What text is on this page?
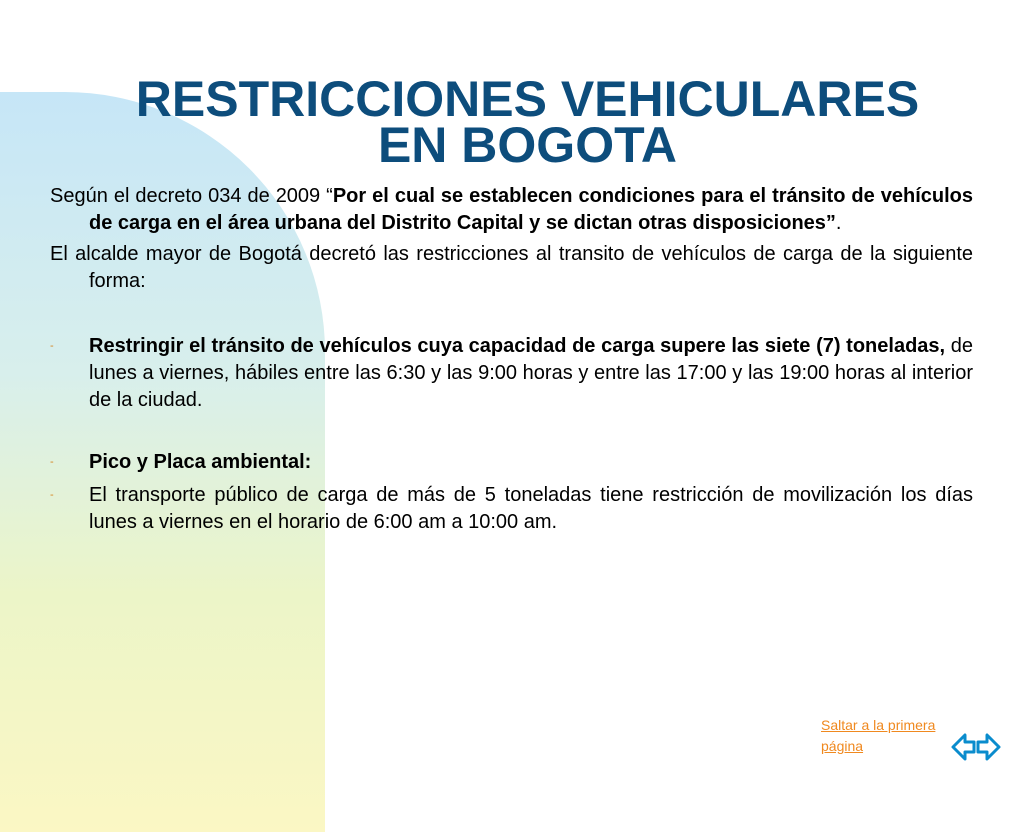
RESTRICCIONES VEHICULARES
EN BOGOTA

Según el decreto 034 de 2009 “Por el cual se establecen condiciones para el tránsito de vehículos de carga en el área urbana del Distrito Capital y se dictan otras disposiciones”.

El alcalde mayor de Bogotá decretó las restricciones al transito de vehículos de carga de la siguiente forma:

- Restringir el tránsito de vehículos cuya capacidad de carga supere las siete (7) toneladas, de lunes a viernes, hábiles entre las 6:30 y las 9:00 horas y entre las 17:00 y las 19:00 horas al interior de la ciudad.

- Pico y Placa ambiental:

- El transporte público de carga de más de 5 toneladas tiene restricción de movilización los días lunes a viernes en el horario de 6:00 am a 10:00 am.

Saltar a la primera página
